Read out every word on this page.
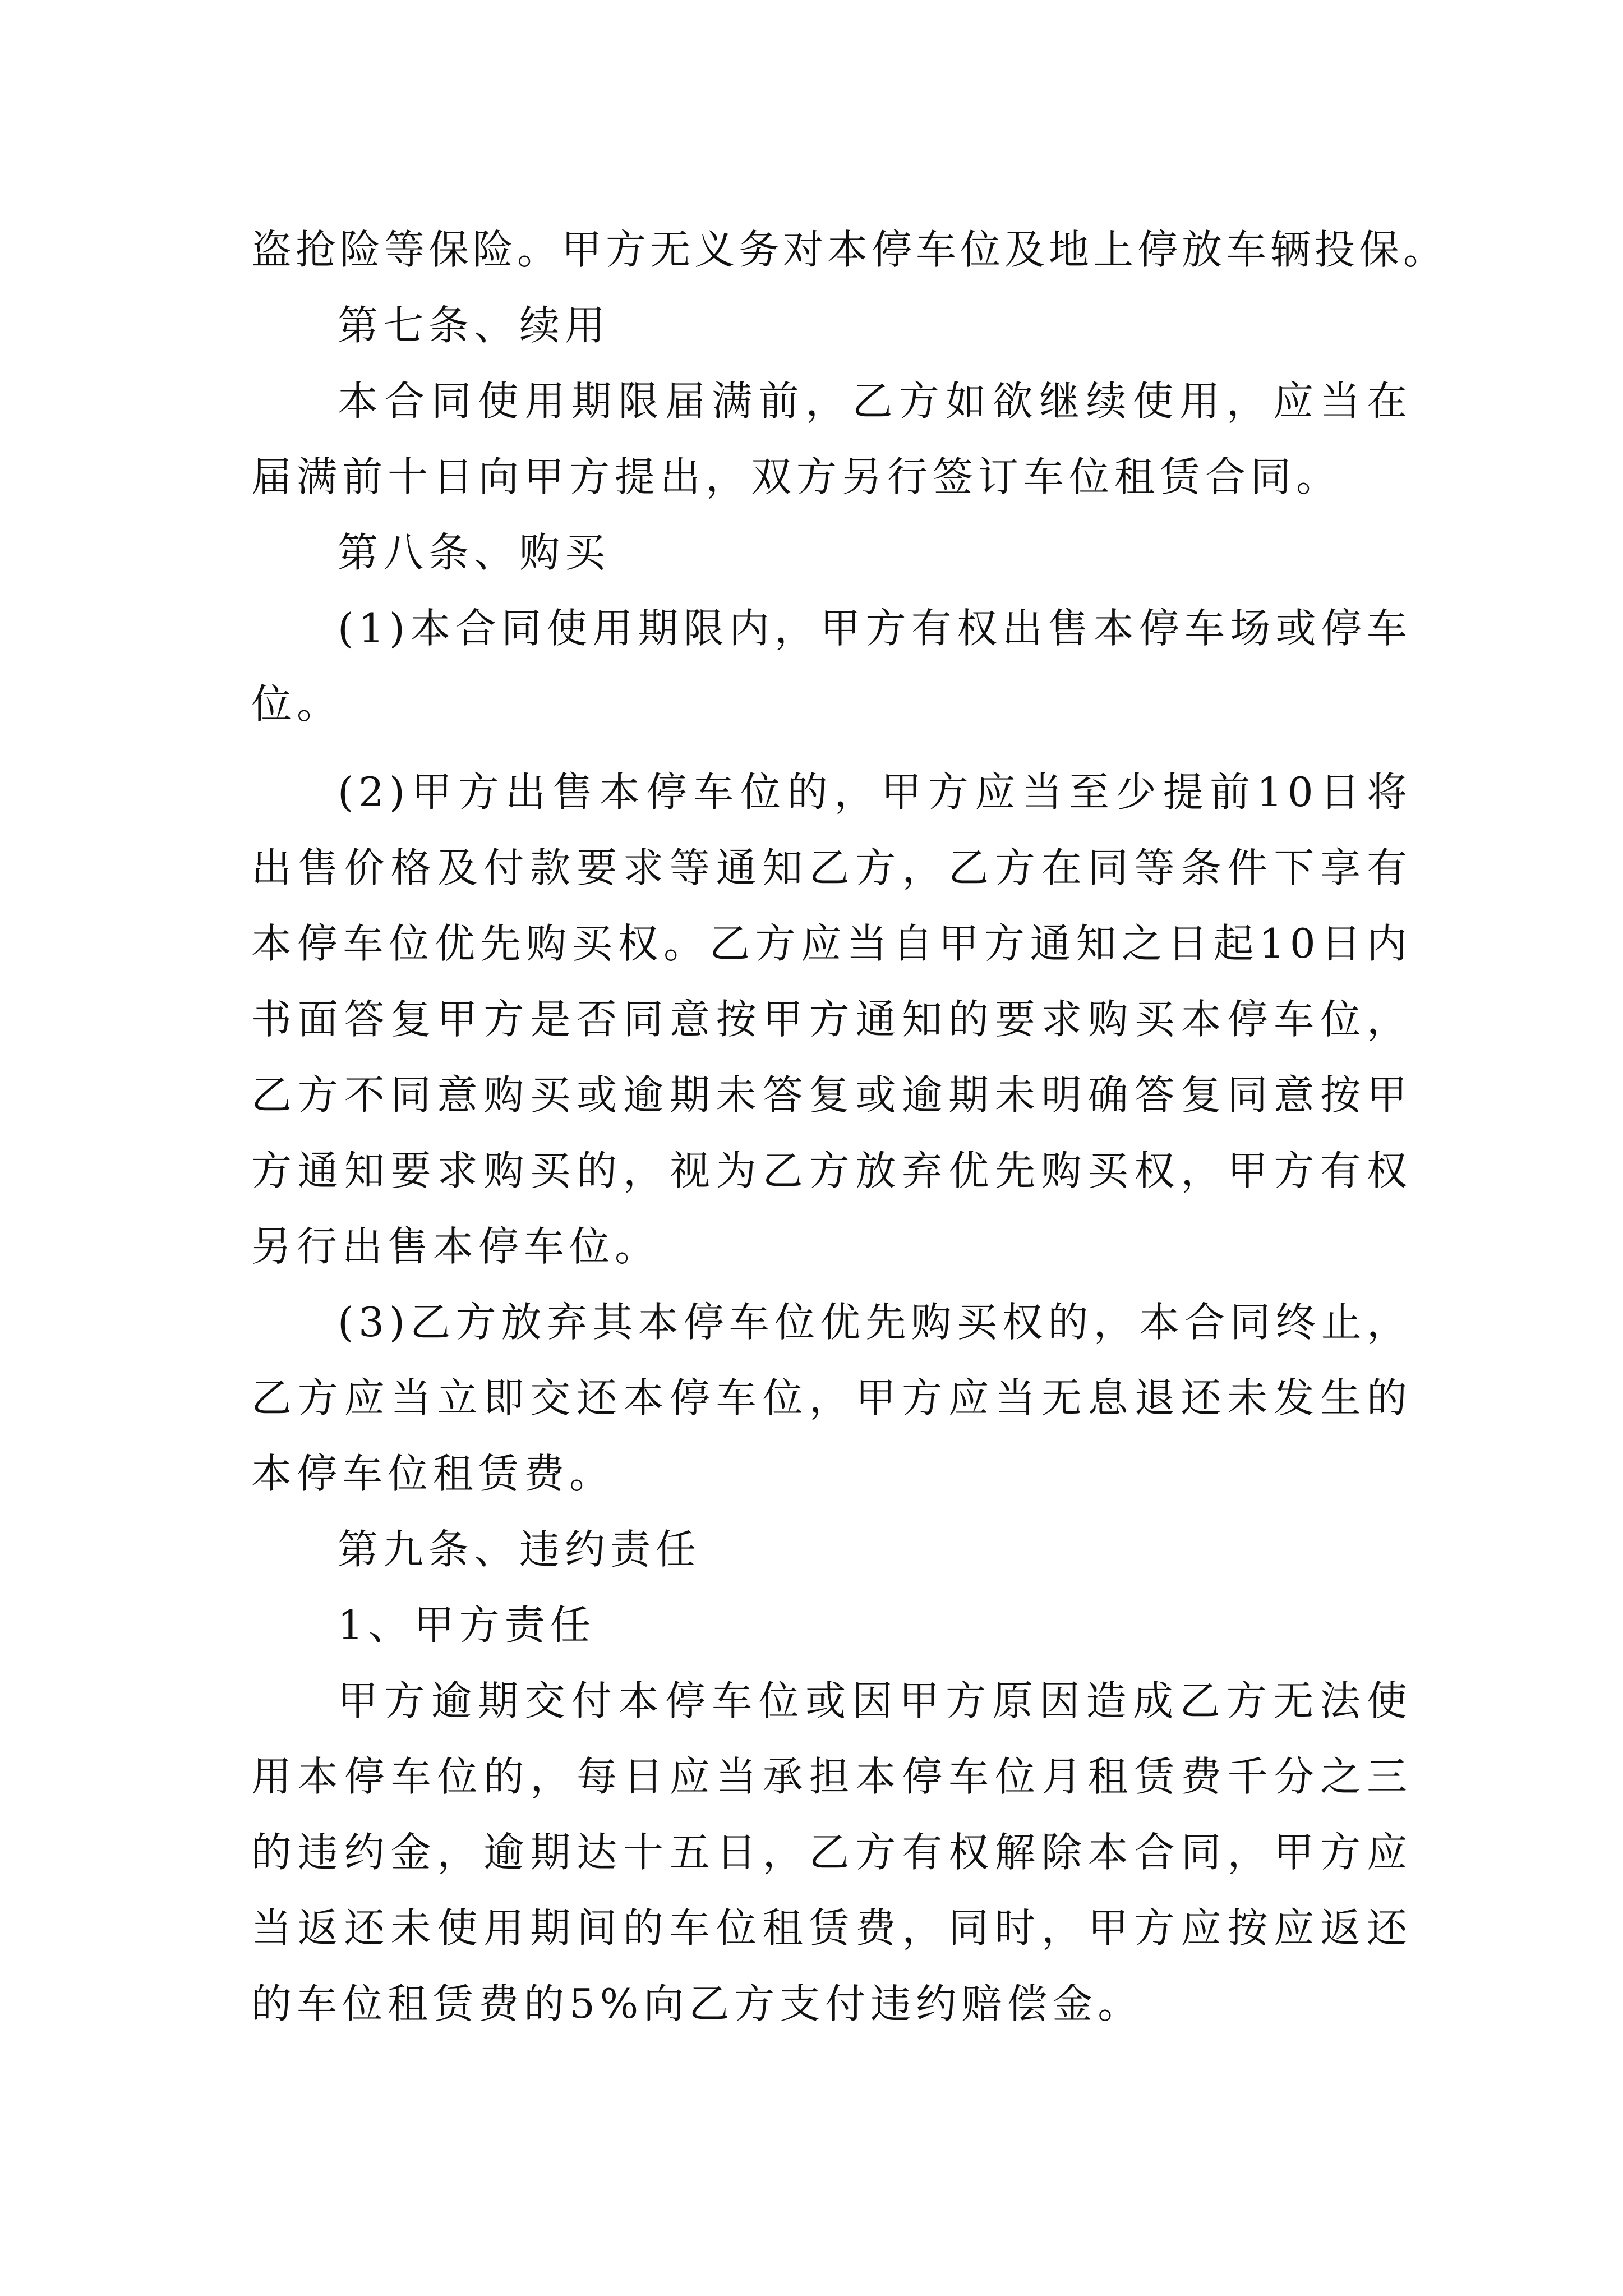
盗抢险等保险。甲方无义务对本停车位及地上停放车辆投保。

第七条、续用

本合同使用期限届满前，乙方如欲继续使用，应当在届满前十日向甲方提出，双方另行签订车位租赁合同。

第八条、购买

(1)本合同使用期限内，甲方有权出售本停车场或停车位。

(2)甲方出售本停车位的，甲方应当至少提前10日将出售价格及付款要求等通知乙方，乙方在同等条件下享有本停车位优先购买权。乙方应当自甲方通知之日起10日内书面答复甲方是否同意按甲方通知的要求购买本停车位，乙方不同意购买或逾期未答复或逾期未明确答复同意按甲方通知要求购买的，视为乙方放弃优先购买权，甲方有权另行出售本停车位。

(3)乙方放弃其本停车位优先购买权的，本合同终止，乙方应当立即交还本停车位，甲方应当无息退还未发生的本停车位租赁费。

第九条、违约责任

1、甲方责任

甲方逾期交付本停车位或因甲方原因造成乙方无法使用本停车位的，每日应当承担本停车位月租赁费千分之三的违约金，逾期达十五日，乙方有权解除本合同，甲方应当返还未使用期间的车位租赁费，同时，甲方应按应返还的车位租赁费的5%向乙方支付违约赔偿金。
